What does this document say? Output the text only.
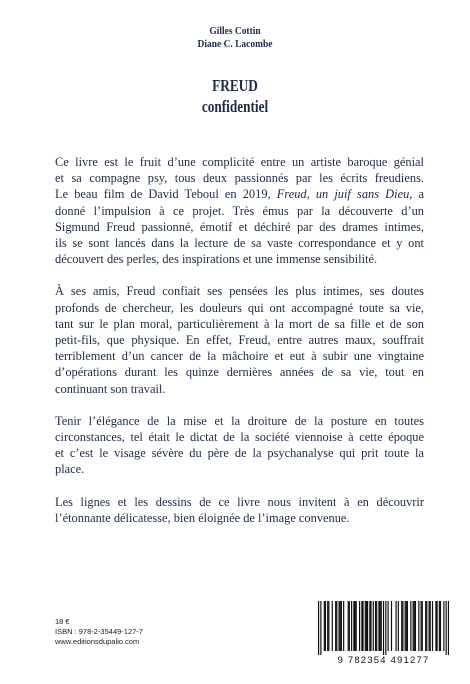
Gilles Cottin
Diane C. Lacombe
FREUD
confidentiel

Ce livre est le fruit d’une complicité entre un artiste baroque génial
et sa compagne psy, tous deux passionnés par les écrits freudiens.
Le beau film de David Teboul en 2019, Freud, un juif sans Dieu, a
donné l’impulsion à ce projet. Très émus par la découverte d’un
Sigmund Freud passionné, émotif et déchiré par des drames intimes,
ils se sont lancés dans la lecture de sa vaste correspondance et y ont
découvert des perles, des inspirations et une immense sensibilité.

À ses amis, Freud confiait ses pensées les plus intimes, ses doutes
profonds de chercheur, les douleurs qui ont accompagné toute sa vie,
tant sur le plan moral, particulièrement à la mort de sa fille et de son
petit-fils, que physique. En effet, Freud, entre autres maux, souffrait
terriblement d’un cancer de la mâchoire et eut à subir une vingtaine
d’opérations durant les quinze dernières années de sa vie, tout en
continuant son travail.

Tenir l’élégance de la mise et la droiture de la posture en toutes
circonstances, tel était le dictat de la société viennoise à cette époque
et c’est le visage sévère du père de la psychanalyse qui prit toute la
place.

Les lignes et les dessins de ce livre nous invitent à en découvrir
l’étonnante délicatesse, bien éloignée de l’image convenue.

18 €
ISBN : 978-2-35449-127-7
www.editionsdupalio.com
9 782354 491277
